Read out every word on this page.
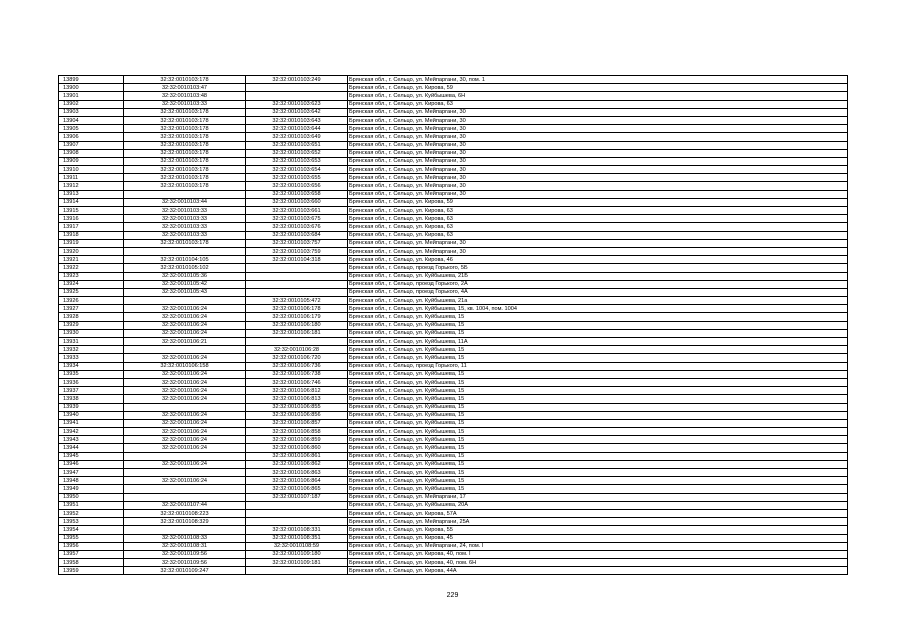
13899	32:32:0010103:178	32:32:0010103:249	Брянская обл., г. Сельцо, ул. Мейпаргани, 30, пом. 1
13900	32:32:0010103:47		Брянская обл., г. Сельцо, ул. Кирова, 59
13901	32:32:0010103:48		Брянская обл., г. Сельцо, ул. Куйбышева, 6Н
13902	32:32:0010103:33	32:32:0010103:623	Брянская обл., г. Сельцо, ул. Кирова, 63
13903	32:32:0010103:178	32:32:0010103:642	Брянская обл., г. Сельцо, ул. Мейпаргани, 30
13904	32:32:0010103:178	32:32:0010103:643	Брянская обл., г. Сельцо, ул. Мейпаргани, 30
13905	32:32:0010103:178	32:32:0010103:644	Брянская обл., г. Сельцо, ул. Мейпаргани, 30
13906	32:32:0010103:178	32:32:0010103:649	Брянская обл., г. Сельцо, ул. Мейпаргани, 30
13907	32:32:0010103:178	32:32:0010103:651	Брянская обл., г. Сельцо, ул. Мейпаргани, 30
13908	32:32:0010103:178	32:32:0010103:652	Брянская обл., г. Сельцо, ул. Мейпаргани, 30
13909	32:32:0010103:178	32:32:0010103:653	Брянская обл., г. Сельцо, ул. Мейпаргани, 30
13910	32:32:0010103:178	32:32:0010103:654	Брянская обл., г. Сельцо, ул. Мейпаргани, 30
13911	32:32:0010103:178	32:32:0010103:655	Брянская обл., г. Сельцо, ул. Мейпаргани, 30
13912	32:32:0010103:178	32:32:0010103:656	Брянская обл., г. Сельцо, ул. Мейпаргани, 30
13913		32:32:0010103:658	Брянская обл., г. Сельцо, ул. Мейпаргани, 30
13914	32:32:0010103:44	32:32:0010103:660	Брянская обл., г. Сельцо, ул. Кирова, 59
13915	32:32:0010103:33	32:32:0010103:661	Брянская обл., г. Сельцо, ул. Кирова, 63
13916	32:32:0010103:33	32:32:0010103:675	Брянская обл., г. Сельцо, ул. Кирова, 63
13917	32:32:0010103:33	32:32:0010103:676	Брянская обл., г. Сельцо, ул. Кирова, 63
13918	32:32:0010103:33	32:32:0010103:684	Брянская обл., г. Сельцо, ул. Кирова, 63
13919	32:32:0010103:178	32:32:0010103:757	Брянская обл., г. Сельцо, ул. Мейпаргани, 30
13920		32:32:0010103:759	Брянская обл., г. Сельцо, ул. Мейпаргани, 30
13921	32:32:0010104:105	32:32:0010104:318	Брянская обл., г. Сельцо, ул. Кирова, 46
13922	32:32:0010105:102		Брянская обл., г. Сельцо, проезд Горького, 5Б
13923	32:32:0010105:36		Брянская обл., г. Сельцо, ул. Куйбышева, 21Б
13924	32:32:0010105:42		Брянская обл., г. Сельцо, проезд Горького, 2А
13925	32:32:0010105:43		Брянская обл., г. Сельцо, проезд Горького, 4А
13926		32:32:0010105:472	Брянская обл., г. Сельцо, ул. Куйбышева, 21а
13927	32:32:0010106:24	32:32:0010106:178	Брянская обл., г. Сельцо, ул. Куйбышева, 15, кв. 1004, пом. 1004
13928	32:32:0010106:24	32:32:0010106:179	Брянская обл., г. Сельцо, ул. Куйбышева, 15
13929	32:32:0010106:24	32:32:0010106:180	Брянская обл., г. Сельцо, ул. Куйбышева, 15
13930	32:32:0010106:24	32:32:0010106:181	Брянская обл., г. Сельцо, ул. Куйбышева, 15
13931	32:32:0010106:21		Брянская обл., г. Сельцо, ул. Куйбышева, 11А
13932		32:32:0010106:28	Брянская обл., г. Сельцо, ул. Куйбышева, 15
13933	32:32:0010106:24	32:32:0010106:720	Брянская обл., г. Сельцо, ул. Куйбышева, 15
13934	32:32:0010106:158	32:32:0010106:736	Брянская обл., г. Сельцо, проезд Горького, 11
13935	32:32:0010106:24	32:32:0010106:738	Брянская обл., г. Сельцо, ул. Куйбышева, 15
13936	32:32:0010106:24	32:32:0010106:746	Брянская обл., г. Сельцо, ул. Куйбышева, 15
13937	32:32:0010106:24	32:32:0010106:812	Брянская обл., г. Сельцо, ул. Куйбышева, 15
13938	32:32:0010106:24	32:32:0010106:813	Брянская обл., г. Сельцо, ул. Куйбышева, 15
13939		32:32:0010106:855	Брянская обл., г. Сельцо, ул. Куйбышева, 15
13940	32:32:0010106:24	32:32:0010106:856	Брянская обл., г. Сельцо, ул. Куйбышева, 15
13941	32:32:0010106:24	32:32:0010106:857	Брянская обл., г. Сельцо, ул. Куйбышева, 15
13942	32:32:0010106:24	32:32:0010106:858	Брянская обл., г. Сельцо, ул. Куйбышева, 15
13943	32:32:0010106:24	32:32:0010106:859	Брянская обл., г. Сельцо, ул. Куйбышева, 15
13944	32:32:0010106:24	32:32:0010106:860	Брянская обл., г. Сельцо, ул. Куйбышева, 15
13945		32:32:0010106:861	Брянская обл., г. Сельцо, ул. Куйбышева, 15
13946	32:32:0010106:24	32:32:0010106:862	Брянская обл., г. Сельцо, ул. Куйбышева, 15
13947		32:32:0010106:863	Брянская обл., г. Сельцо, ул. Куйбышева, 15
13948	32:32:0010106:24	32:32:0010106:864	Брянская обл., г. Сельцо, ул. Куйбышева, 15
13949		32:32:0010106:865	Брянская обл., г. Сельцо, ул. Куйбышева, 15
13950		32:32:0010107:187	Брянская обл., г. Сельцо, ул. Мейпаргани, 17
13951	32:32:0010107:44		Брянская обл., г. Сельцо, ул. Куйбышева, 20А
13952	32:32:0010108:223		Брянская обл., г. Сельцо, ул. Кирова, 57А
13953	32:32:0010108:329		Брянская обл., г. Сельцо, ул. Мейпаргани, 25А
13954		32:32:0010108:331	Брянская обл., г. Сельцо, ул. Кирова, 55
13955	32:32:0010108:33	32:32:0010108:351	Брянская обл., г. Сельцо, ул. Кирова, 45
13956	32:32:0010108:31	32:32:0010108:59	Брянская обл., г. Сельцо, ул. Мейпаргани, 24, пом. I
13957	32:32:0010109:56	32:32:0010109:180	Брянская обл., г. Сельцо, ул. Кирова, 40, пом. I
13958	32:32:0010109:56	32:32:0010109:181	Брянская обл., г. Сельцо, ул. Кирова, 40, пом. 6Н
13959	32:32:0010109:247		Брянская обл., г. Сельцо, ул. Кирова, 44А
229
